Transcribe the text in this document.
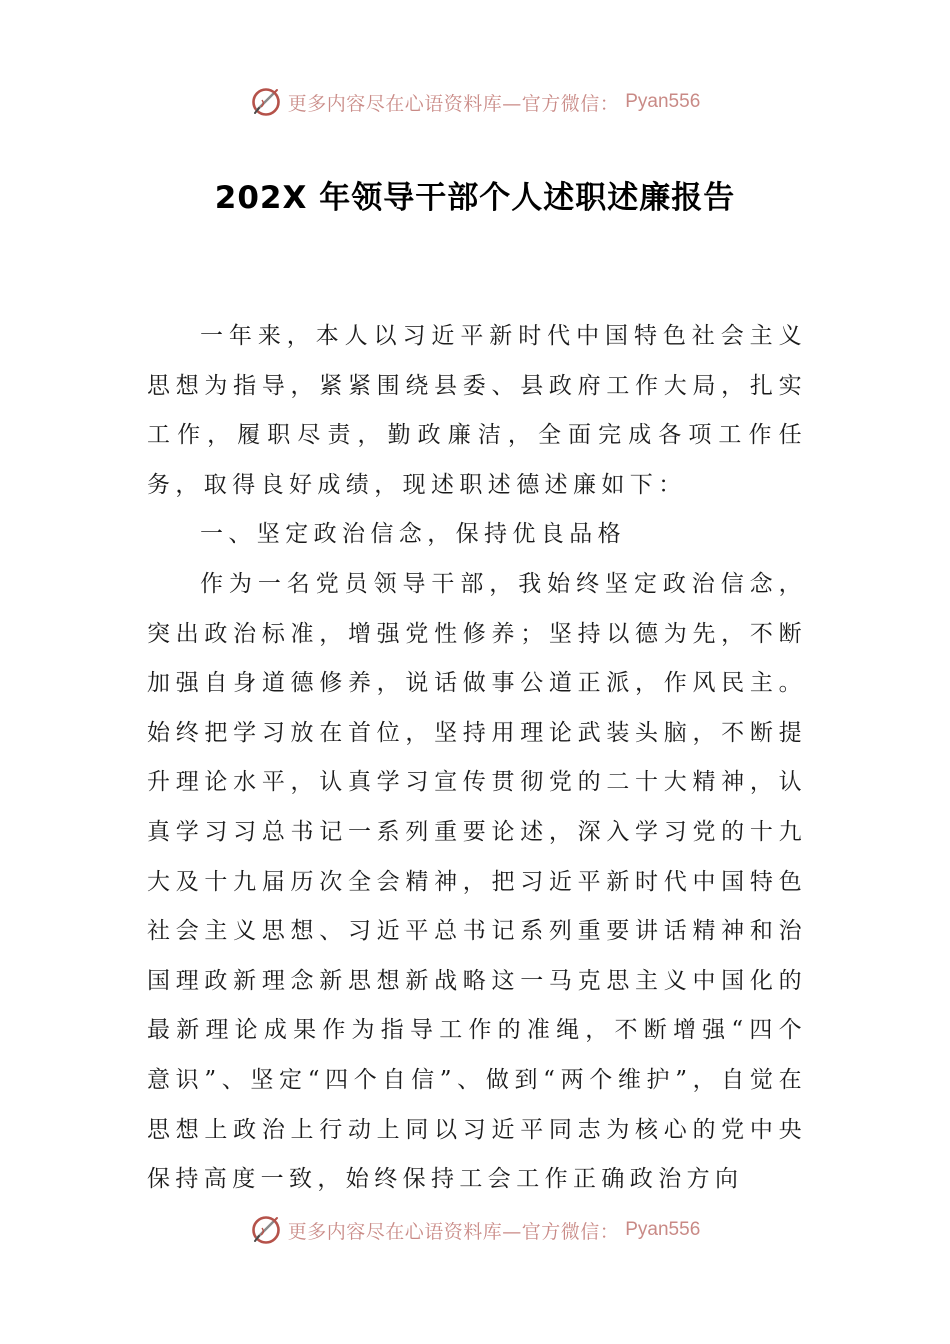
更多内容尽在心语资料库—官方微信： Pyan556
202X 年领导干部个人述职述廉报告

一年来，本人以习近平新时代中国特色社会主义思想为指导，紧紧围绕县委、县政府工作大局，扎实工作，履职尽责，勤政廉洁，全面完成各项工作任务，取得良好成绩，现述职述德述廉如下：

一、坚定政治信念，保持优良品格

作为一名党员领导干部，我始终坚定政治信念，突出政治标准，增强党性修养；坚持以德为先，不断加强自身道德修养，说话做事公道正派，作风民主。始终把学习放在首位，坚持用理论武装头脑，不断提升理论水平，认真学习宣传贯彻党的二十大精神，认真学习习总书记一系列重要论述，深入学习党的十九大及十九届历次全会精神，把习近平新时代中国特色社会主义思想、习近平总书记系列重要讲话精神和治国理政新理念新思想新战略这一马克思主义中国化的最新理论成果作为指导工作的准绳，不断增强“四个意识”、坚定“四个自信”、做到“两个维护”，自觉在思想上政治上行动上同以习近平同志为核心的党中央保持高度一致，始终保持工会工作正确政治方向

更多内容尽在心语资料库—官方微信： Pyan556
